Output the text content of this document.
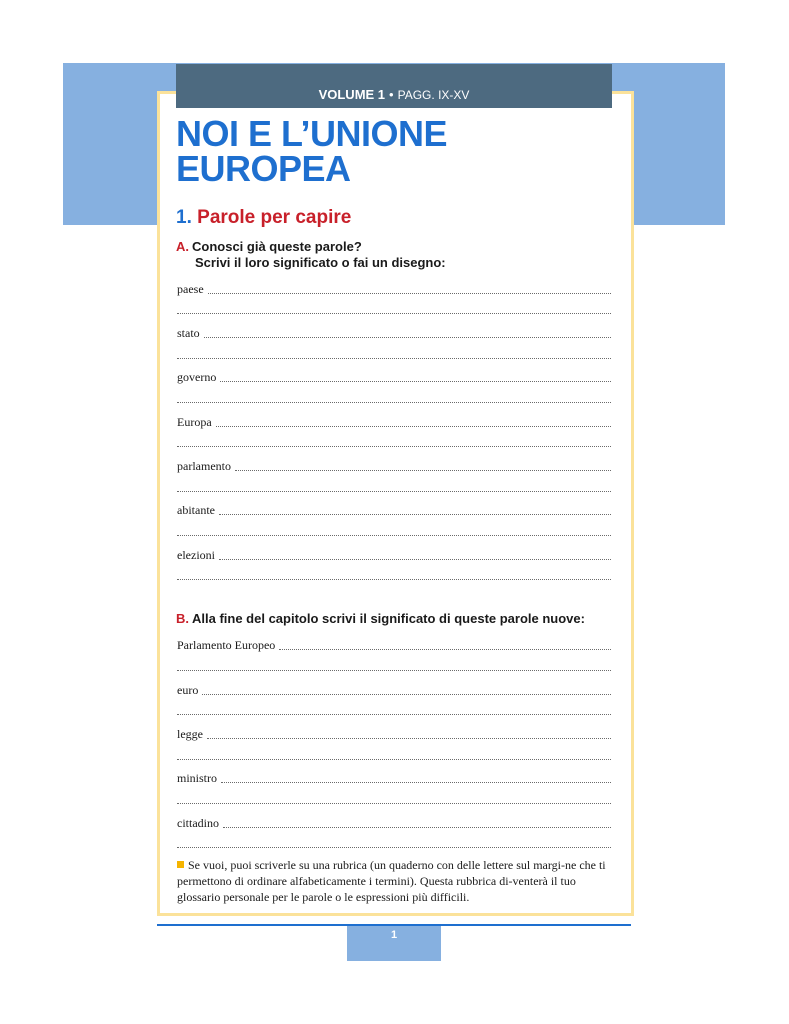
VOLUME 1 • PAGG. IX-XV
NOI E L’UNIONE
EUROPEA
1. Parole per capire
A. Conosci già queste parole?
Scrivi il loro significato o fai un disegno:
paese
stato
governo
Europa
parlamento
abitante
elezioni
B. Alla fine del capitolo scrivi il significato di queste parole nuove:
Parlamento Europeo
euro
legge
ministro
cittadino
Se vuoi, puoi scriverle su una rubrica (un quaderno con delle lettere sul margi-ne che ti permettono di ordinare alfabeticamente i termini). Questa rubbrica di-venterà il tuo glossario personale per le parole o le espressioni più difficili.
1
